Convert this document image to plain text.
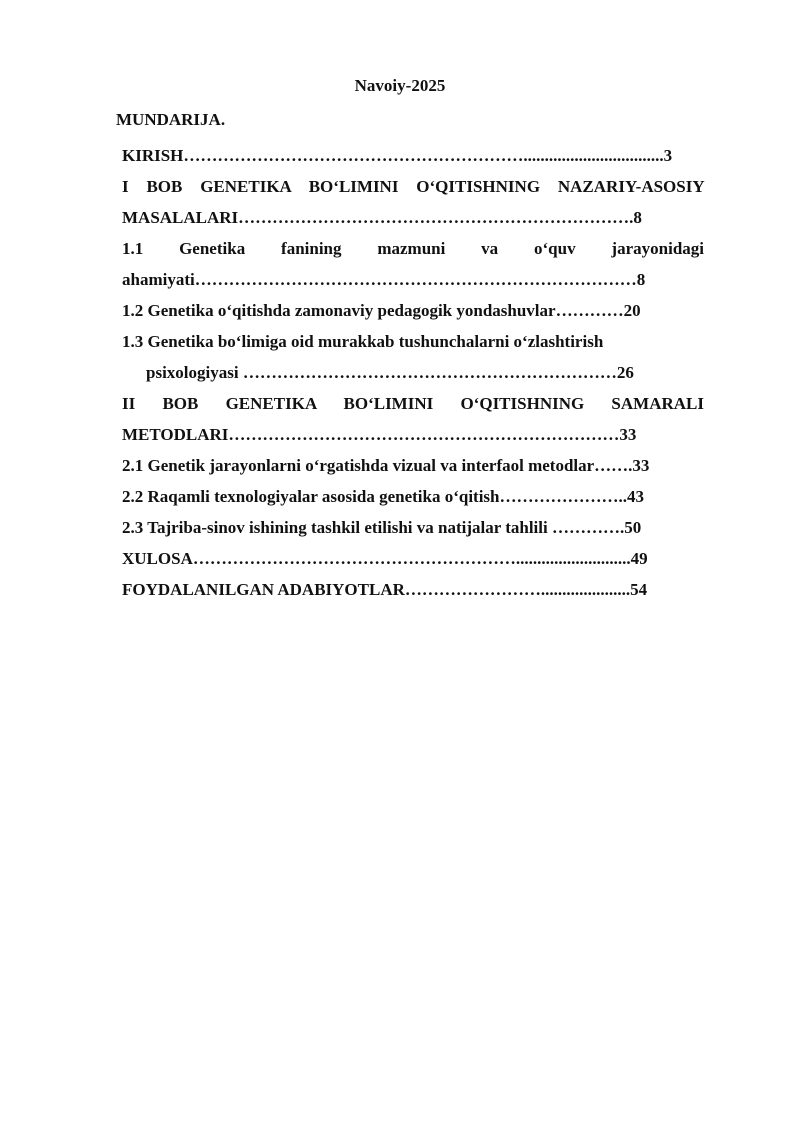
Navoiy-2025
MUNDARIJA.

KIRISH…………………………………………………….................................3

I BOB GENETIKA BO‘LIMINI O‘QITISHNING NAZARIY-ASOSIY MASALALARI…………………………………………………………….8

1.1 Genetika fanining mazmuni va o‘quv jarayonidagi ahamiyati……………………………………………………………………8

1.2 Genetika o‘qitishda zamonaviy pedagogik yondashuvlar…………20

1.3 Genetika bo‘limiga oid murakkab tushunchalarni o‘zlashtirish
psixologiyasi …………………………………………………………26

II BOB GENETIKA BO‘LIMINI O‘QITISHNING SAMARALI METODLARI……………………………………………………………33

2.1 Genetik jarayonlarni o‘rgatishda vizual va interfaol metodlar…….33

2.2 Raqamli texnologiyalar asosida genetika o‘qitish…………………..43

2.3 Tajriba-sinov ishining tashkil etilishi va natijalar tahlili ………….50

XULOSA…………………………………………………...........................49

FOYDALANILGAN ADABIYOTLAR…………………….....................54
